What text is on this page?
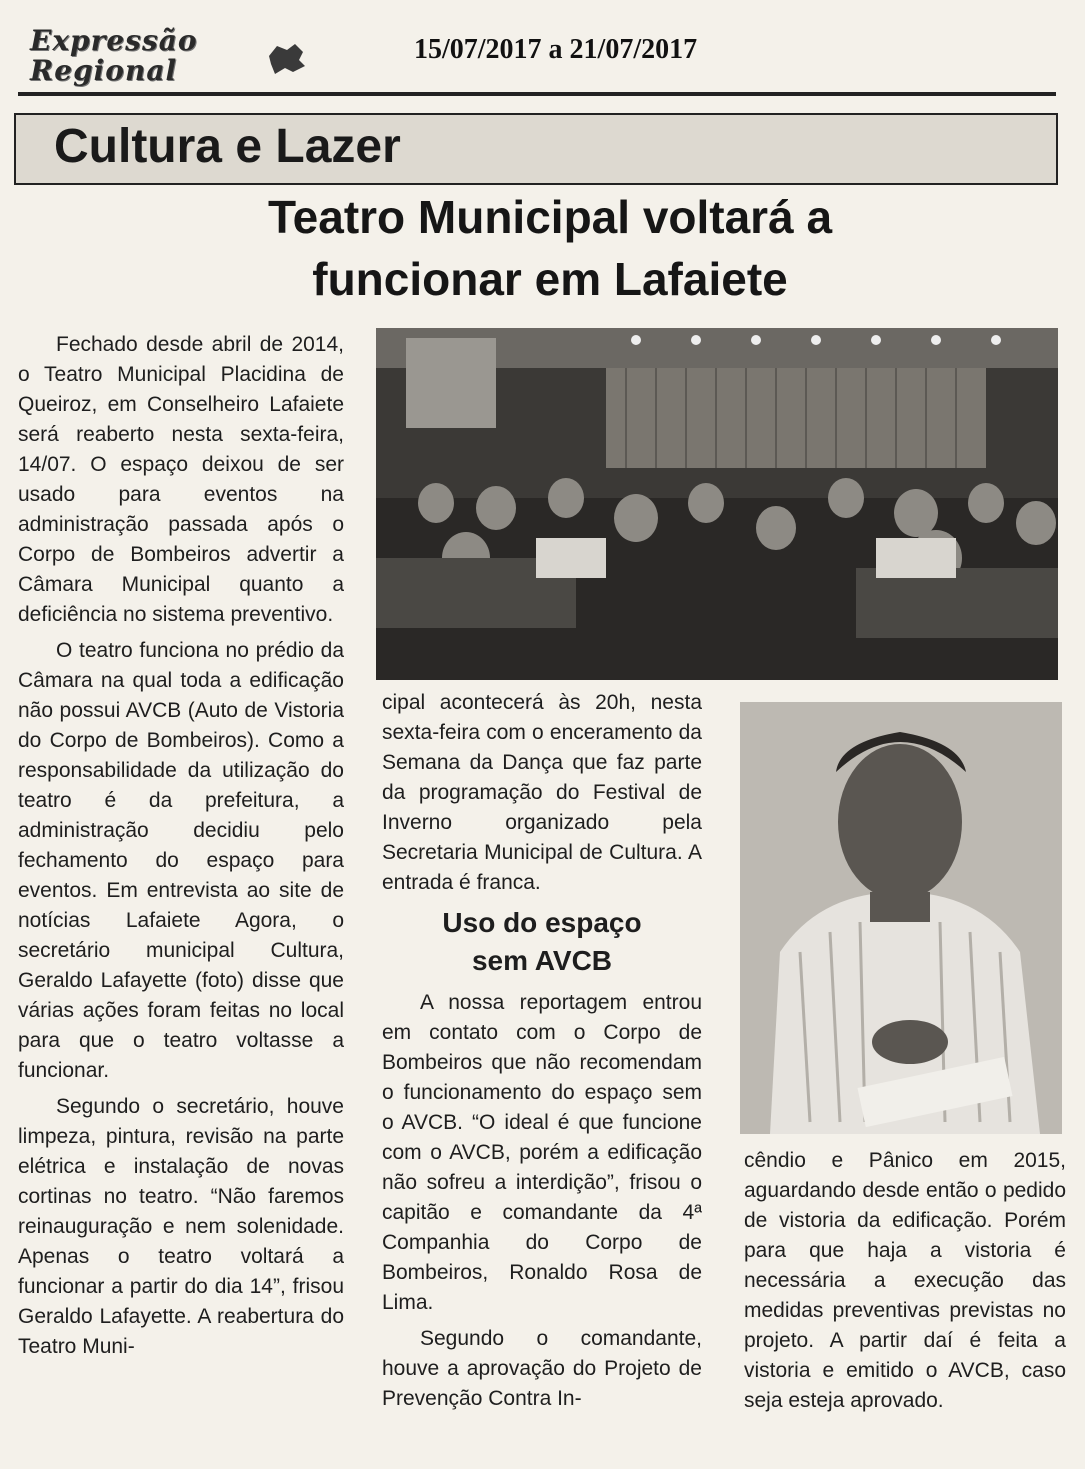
Expressão
Regional
15/07/2017 a 21/07/2017
Cultura e Lazer
Teatro Municipal voltará a
funcionar em Lafaiete

Fechado desde abril de 2014, o Teatro Municipal Placidina de Queiroz, em Conselheiro Lafaiete será reaberto nesta sexta-feira, 14/07. O espaço deixou de ser usado para eventos na administração passada após o Corpo de Bombeiros advertir a Câmara Municipal quanto a deficiência no sistema preventivo.

O teatro funciona no prédio da Câmara na qual toda a edificação não possui AVCB (Auto de Vistoria do Corpo de Bombeiros). Como a responsabilidade da utilização do teatro é da prefeitura, a administração decidiu pelo fechamento do espaço para eventos. Em entrevista ao site de notícias Lafaiete Agora, o secretário municipal Cultura, Geraldo Lafayette (foto) disse que várias ações foram feitas no local para que o teatro voltasse a funcionar.

Segundo o secretário, houve limpeza, pintura, revisão na parte elétrica e instalação de novas cortinas no teatro. “Não faremos reinauguração e nem solenidade. Apenas o teatro voltará a funcionar a partir do dia 14”, frisou Geraldo Lafayette. A reabertura do Teatro Muni-

cipal acontecerá às 20h, nesta sexta-feira com o enceramento da Semana da Dança que faz parte da programação do Festival de Inverno organizado pela Secretaria Municipal de Cultura. A entrada é franca.

Uso do espaço
sem AVCB

A nossa reportagem entrou em contato com o Corpo de Bombeiros que não recomendam o funcionamento do espaço sem o AVCB. “O ideal é que funcione com o AVCB, porém a edificação não sofreu a interdição”, frisou o capitão e comandante da 4ª Companhia do Corpo de Bombeiros, Ronaldo Rosa de Lima.

Segundo o comandante, houve a aprovação do Projeto de Prevenção Contra In-

cêndio e Pânico em 2015, aguardando desde então o pedido de vistoria da edificação. Porém para que haja a vistoria é necessária a execução das medidas preventivas previstas no projeto. A partir daí é feita a vistoria e emitido o AVCB, caso seja esteja aprovado.
